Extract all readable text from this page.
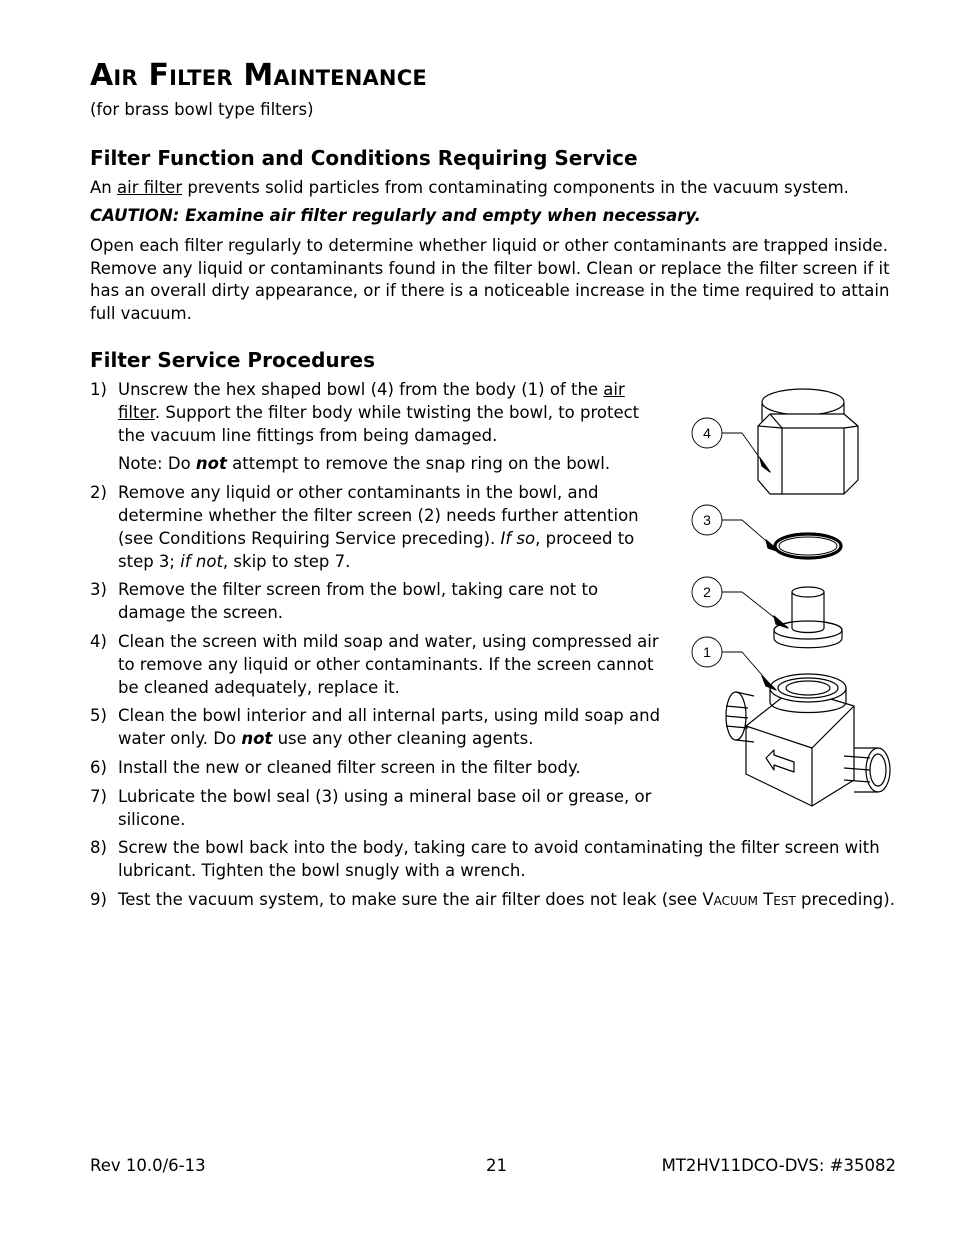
Air Filter Maintenance
(for brass bowl type filters)
Filter Function and Conditions Requiring Service
An air filter prevents solid particles from contaminating components in the vacuum system.
CAUTION: Examine air filter regularly and empty when necessary.
Open each filter regularly to determine whether liquid or other contaminants are trapped inside. Remove any liquid or contaminants found in the filter bowl. Clean or replace the filter screen if it has an overall dirty appearance, or if there is a noticeable increase in the time required to attain full vacuum.
Filter Service Procedures
1) Unscrew the hex shaped bowl (4) from the body (1) of the air filter. Support the filter body while twisting the bowl, to protect the vacuum line fittings from being damaged.
Note: Do not attempt to remove the snap ring on the bowl.
2) Remove any liquid or other contaminants in the bowl, and determine whether the filter screen (2) needs further attention (see Conditions Requiring Service preceding). If so, proceed to step 3; if not, skip to step 7.
3) Remove the filter screen from the bowl, taking care not to damage the screen.
4) Clean the screen with mild soap and water, using compressed air to remove any liquid or other contaminants. If the screen cannot be cleaned adequately, replace it.
5) Clean the bowl interior and all internal parts, using mild soap and water only. Do not use any other cleaning agents.
6) Install the new or cleaned filter screen in the filter body.
7) Lubricate the bowl seal (3) using a mineral base oil or grease, or silicone.
8) Screw the bowl back into the body, taking care to avoid contaminating the filter screen with lubricant. Tighten the bowl snugly with a wrench.
9) Test the vacuum system, to make sure the air filter does not leak (see Vacuum Test preceding).
4
3
2
1
Rev 10.0/6-13	21	MT2HV11DCO-DVS: #35082
